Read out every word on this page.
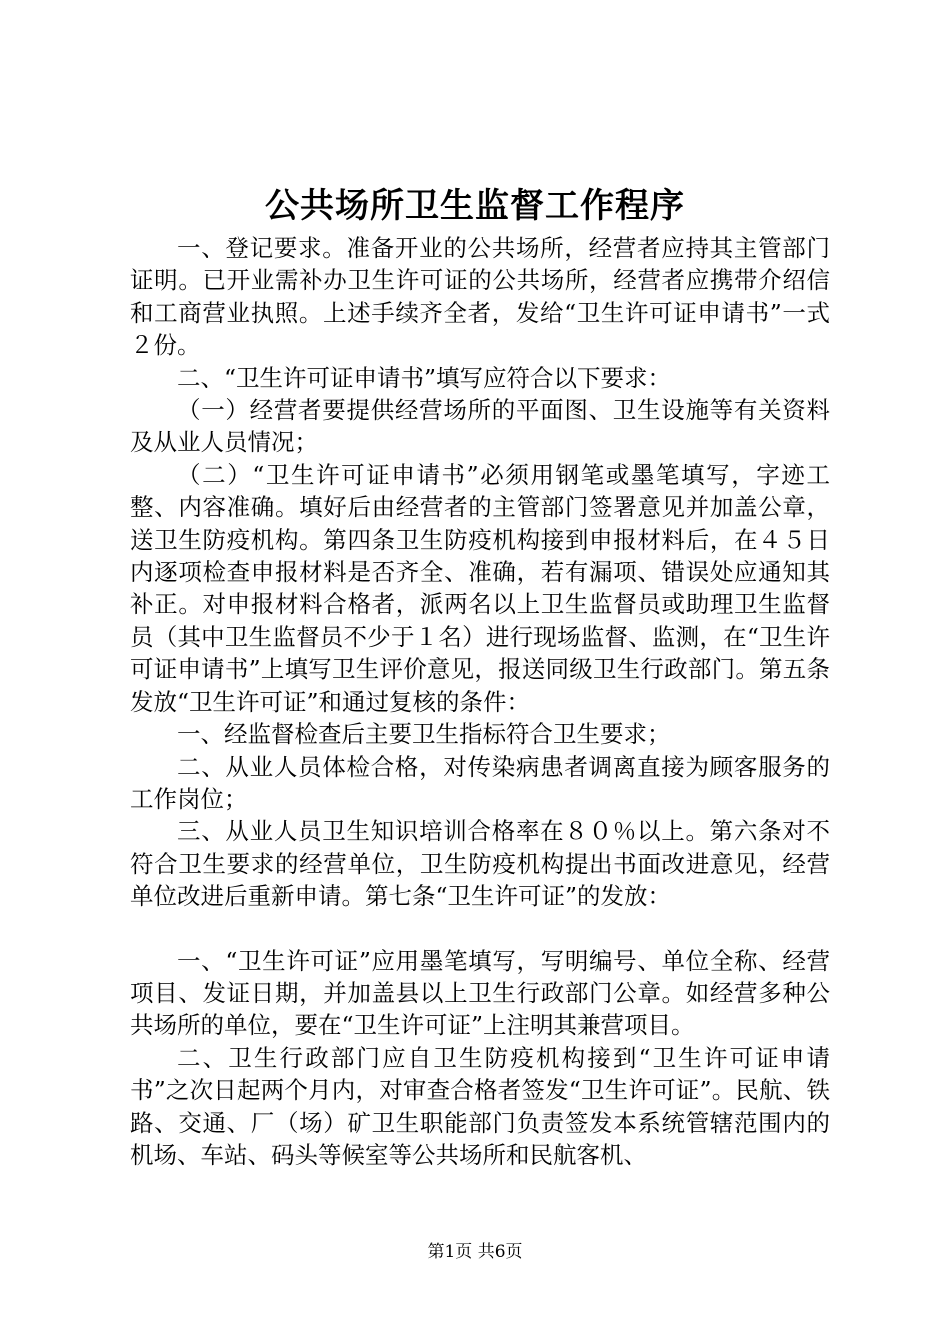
公共场所卫生监督工作程序

一、登记要求。准备开业的公共场所，经营者应持其主管部门证明。已开业需补办卫生许可证的公共场所，经营者应携带介绍信和工商营业执照。上述手续齐全者，发给“卫生许可证申请书”一式２份。

二、“卫生许可证申请书”填写应符合以下要求：

（一）经营者要提供经营场所的平面图、卫生设施等有关资料及从业人员情况；

（二）“卫生许可证申请书”必须用钢笔或墨笔填写，字迹工整、内容准确。填好后由经营者的主管部门签署意见并加盖公章，送卫生防疫机构。第四条卫生防疫机构接到申报材料后，在４５日内逐项检查申报材料是否齐全、准确，若有漏项、错误处应通知其补正。对申报材料合格者，派两名以上卫生监督员或助理卫生监督员（其中卫生监督员不少于１名）进行现场监督、监测，在“卫生许可证申请书”上填写卫生评价意见，报送同级卫生行政部门。第五条发放“卫生许可证”和通过复核的条件：

一、经监督检查后主要卫生指标符合卫生要求；

二、从业人员体检合格，对传染病患者调离直接为顾客服务的工作岗位；

三、从业人员卫生知识培训合格率在８０％以上。第六条对不符合卫生要求的经营单位，卫生防疫机构提出书面改进意见，经营单位改进后重新申请。第七条“卫生许可证”的发放：

一、“卫生许可证”应用墨笔填写，写明编号、单位全称、经营项目、发证日期，并加盖县以上卫生行政部门公章。如经营多种公共场所的单位，要在“卫生许可证”上注明其兼营项目。

二、卫生行政部门应自卫生防疫机构接到“卫生许可证申请书”之次日起两个月内，对审查合格者签发“卫生许可证”。民航、铁路、交通、厂（场）矿卫生职能部门负责签发本系统管辖范围内的机场、车站、码头等候室等公共场所和民航客机、

第1页 共6页
